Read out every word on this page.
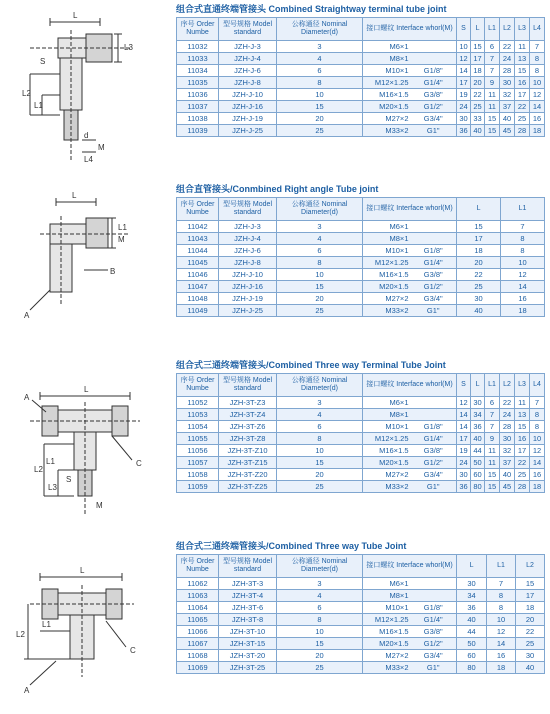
L
S
L2
L1
L3
d
M
L4
组合式直通终端管接头 Combined Straightway terminal tube joint
序号 Order Numbe	型号规格 Model standard	公称通径 Nominal Diameter(d)	接口螺纹 Interface whorl(M)		S	L	L1	L2	L3	L4
11032	JZH-J-3	3	M6×1		10	15	6	22	11	7
11033	JZH-J-4	4	M8×1		12	17	7	24	13	8
11034	JZH-J-6	6	M10×1	G1/8"	14	18	7	28	15	8
11035	JZH-J-8	8	M12×1.25	G1/4"	17	20	9	30	16	10
11036	JZH-J-10	10	M16×1.5	G3/8"	19	22	11	32	17	12
11037	JZH-J-16	15	M20×1.5	G1/2"	24	25	11	37	22	14
11038	JZH-J-19	20	M27×2	G3/4"	30	33	15	40	25	16
11039	JZH-J-25	25	M33×2	G1"	36	40	15	45	28	18
L
L1
M
B
A
组合直管接头/Conmbined Right angle Tube joint
序号 Order Numbe	型号规格 Model standard	公称通径 Nominal Diameter(d)	接口螺纹 Interface whorl(M)		L	L1
11042	JZH-J-3	3	M6×1		15	7
11043	JZH-J-4	4	M8×1		17	8
11044	JZH-J-6	6	M10×1	G1/8"	18	8
11045	JZH-J-8	8	M12×1.25	G1/4"	20	10
11046	JZH-J-10	10	M16×1.5	G3/8"	22	12
11047	JZH-J-16	15	M20×1.5	G1/2"	25	14
11048	JZH-J-19	20	M27×2	G3/4"	30	16
11049	JZH-J-25	25	M33×2	G1"	40	18
L
L1
S
L2
L3
M
C
A
组合式三通终端管接头/Combined Three way Terminal Tube Joint
序号 Order Numbe	型号规格 Model standard	公称通径 Nominal Diameter(d)	接口螺纹 Interface whorl(M)		S	L	L1	L2	L3	L4
11052	JZH-3T-Z3	3	M6×1		12	30	6	22	11	7
11053	JZH-3T-Z4	4	M8×1		14	34	7	24	13	8
11054	JZH-3T-Z6	6	M10×1	G1/8"	14	36	7	28	15	8
11055	JZH-3T-Z8	8	M12×1.25	G1/4"	17	40	9	30	16	10
11056	JZH-3T-Z10	10	M16×1.5	G3/8"	19	44	11	32	17	12
11057	JZH-3T-Z15	15	M20×1.5	G1/2"	24	50	11	37	22	14
11058	JZH-3T-Z20	20	M27×2	G3/4"	30	60	15	40	25	16
11059	JZH-3T-Z25	25	M33×2	G1"	36	80	15	45	28	18
L
L1
L2
C
A
组合式三通终端管接头/Combined Three way Tube Joint
序号 Order Numbe	型号规格 Model standard	公称通径 Nominal Diameter(d)	接口螺纹 Interface whorl(M)		L	L1	L2
11062	JZH-3T-3	3	M6×1		30	7	15
11063	JZH-3T-4	4	M8×1		34	8	17
11064	JZH-3T-6	6	M10×1	G1/8"	36	8	18
11065	JZH-3T-8	8	M12×1.25	G1/4"	40	10	20
11066	JZH-3T-10	10	M16×1.5	G3/8"	44	12	22
11067	JZH-3T-15	15	M20×1.5	G1/2"	50	14	25
11068	JZH-3T-20	20	M27×2	G3/4"	60	16	30
11069	JZH-3T-25	25	M33×2	G1"	80	18	40
